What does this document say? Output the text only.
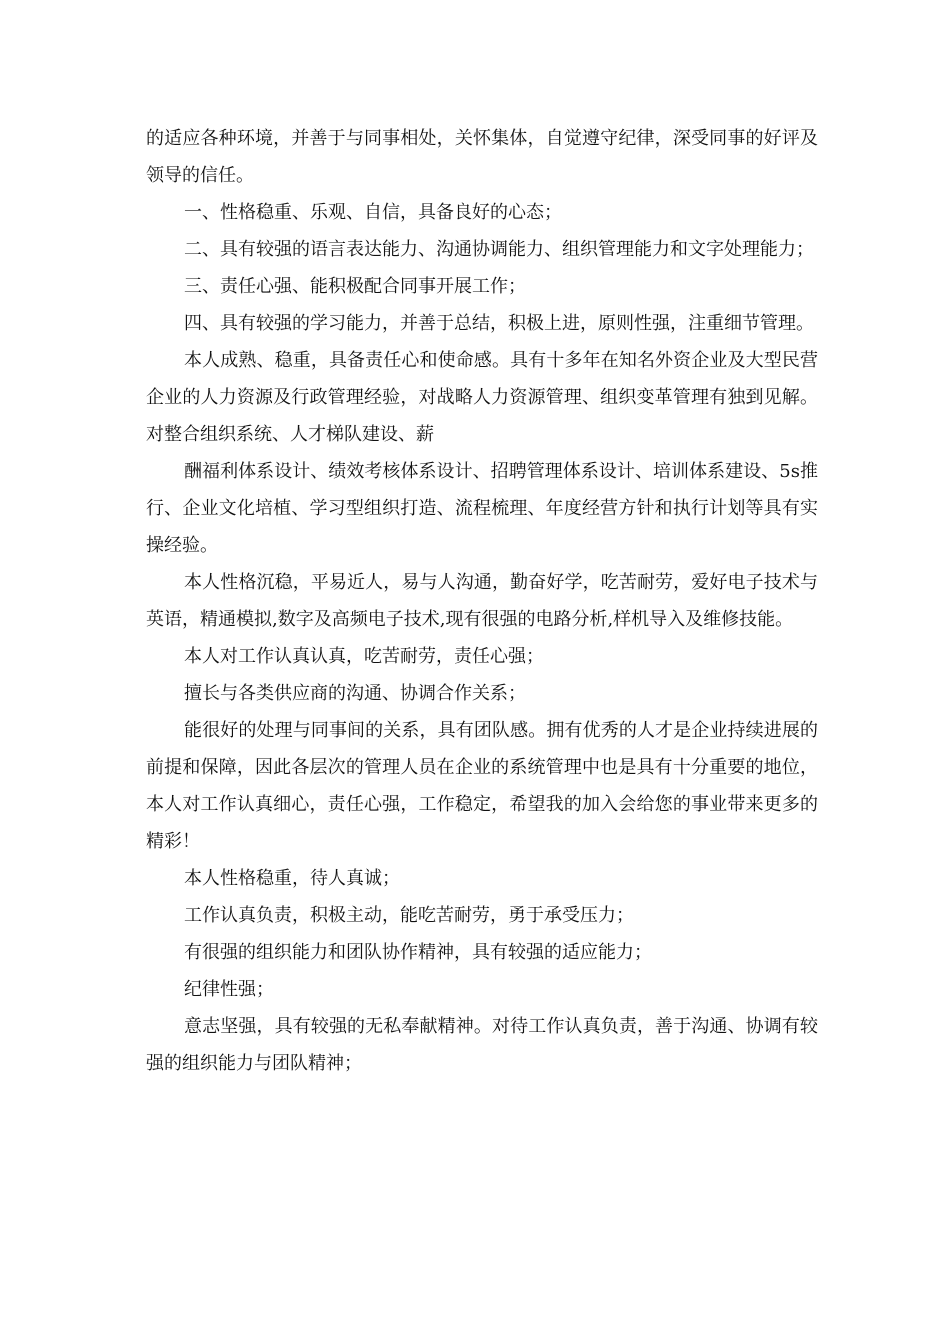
的适应各种环境，并善于与同事相处，关怀集体，自觉遵守纪律，深受同事的好评及领导的信任。

一、性格稳重、乐观、自信，具备良好的心态；

二、具有较强的语言表达能力、沟通协调能力、组织管理能力和文字处理能力；

三、责任心强、能积极配合同事开展工作；

四、具有较强的学习能力，并善于总结，积极上进，原则性强，注重细节管理。

本人成熟、稳重，具备责任心和使命感。具有十多年在知名外资企业及大型民营企业的人力资源及行政管理经验，对战略人力资源管理、组织变革管理有独到见解。对整合组织系统、人才梯队建设、薪

酬福利体系设计、绩效考核体系设计、招聘管理体系设计、培训体系建设、5s推行、企业文化培植、学习型组织打造、流程梳理、年度经营方针和执行计划等具有实操经验。

本人性格沉稳，平易近人，易与人沟通，勤奋好学，吃苦耐劳，爱好电子技术与英语，精通模拟,数字及高频电子技术,现有很强的电路分析,样机导入及维修技能。

本人对工作认真认真，吃苦耐劳，责任心强；

擅长与各类供应商的沟通、协调合作关系；

能很好的处理与同事间的关系，具有团队感。拥有优秀的人才是企业持续进展的前提和保障，因此各层次的管理人员在企业的系统管理中也是具有十分重要的地位，本人对工作认真细心，责任心强，工作稳定，希望我的加入会给您的事业带来更多的精彩！

本人性格稳重，待人真诚；

工作认真负责，积极主动，能吃苦耐劳，勇于承受压力；

有很强的组织能力和团队协作精神，具有较强的适应能力；

纪律性强；

意志坚强，具有较强的无私奉献精神。对待工作认真负责，善于沟通、协调有较强的组织能力与团队精神；
